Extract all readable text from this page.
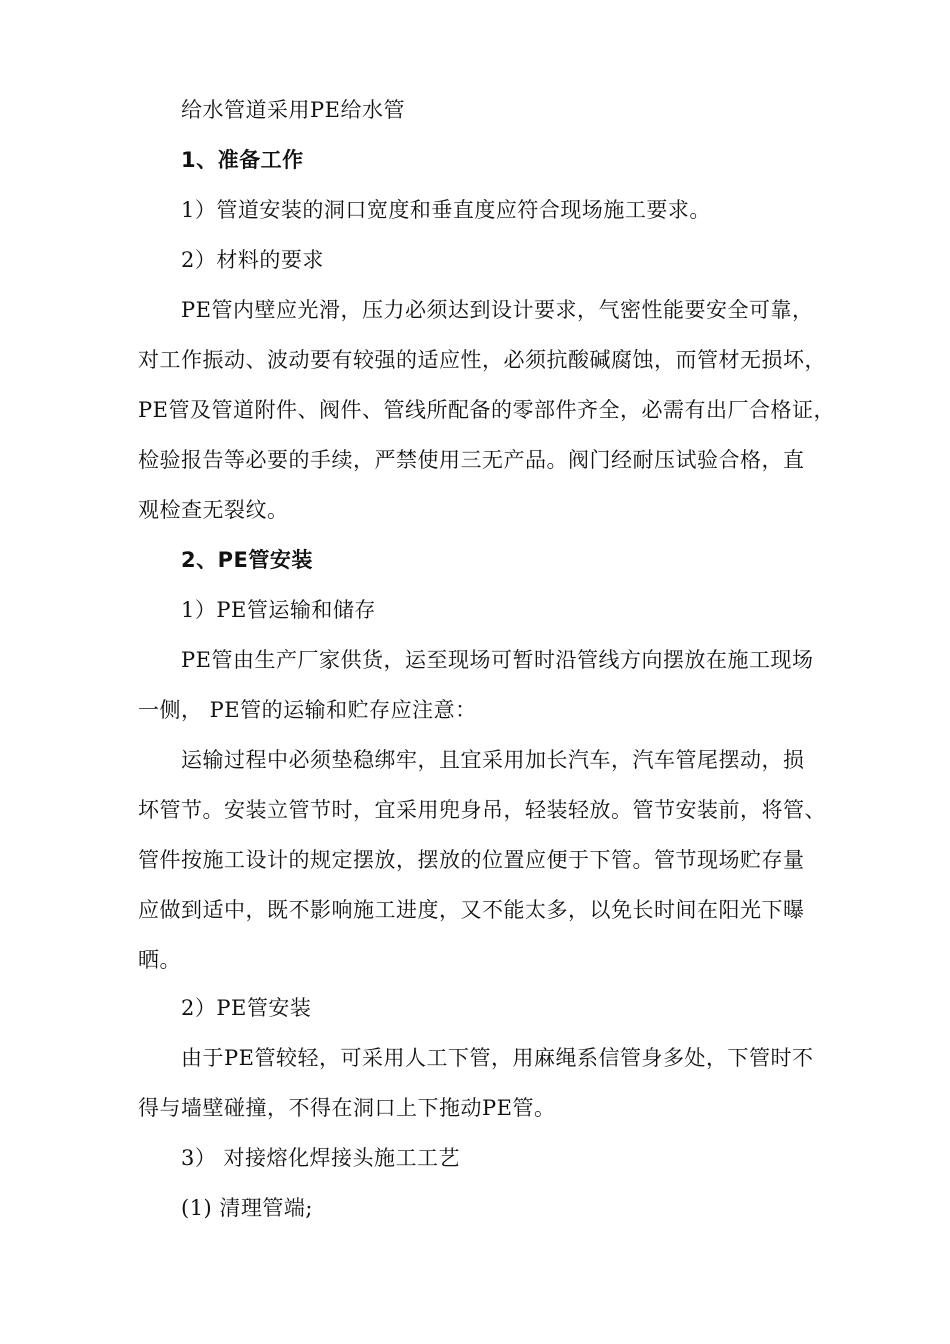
给水管道采用PE给水管
1、准备工作
1）管道安装的洞口宽度和垂直度应符合现场施工要求。
2）材料的要求
PE管内壁应光滑，压力必须达到设计要求，气密性能要安全可靠，
对工作振动、波动要有较强的适应性，必须抗酸碱腐蚀，而管材无损坏，
PE管及管道附件、阀件、管线所配备的零部件齐全，必需有出厂合格证，
检验报告等必要的手续，严禁使用三无产品。阀门经耐压试验合格，直
观检查无裂纹。
2、PE管安装
1）PE管运输和储存
PE管由生产厂家供货，运至现场可暂时沿管线方向摆放在施工现场
一侧， PE管的运输和贮存应注意：
运输过程中必须垫稳绑牢，且宜采用加长汽车，汽车管尾摆动，损
坏管节。安装立管节时，宜采用兜身吊，轻装轻放。管节安装前，将管、
管件按施工设计的规定摆放，摆放的位置应便于下管。管节现场贮存量
应做到适中，既不影响施工进度，又不能太多，以免长时间在阳光下曝
晒。
2）PE管安装
由于PE管较轻，可采用人工下管，用麻绳系信管身多处，下管时不
得与墙壁碰撞，不得在洞口上下拖动PE管。
3） 对接熔化焊接头施工工艺
(1) 清理管端;
